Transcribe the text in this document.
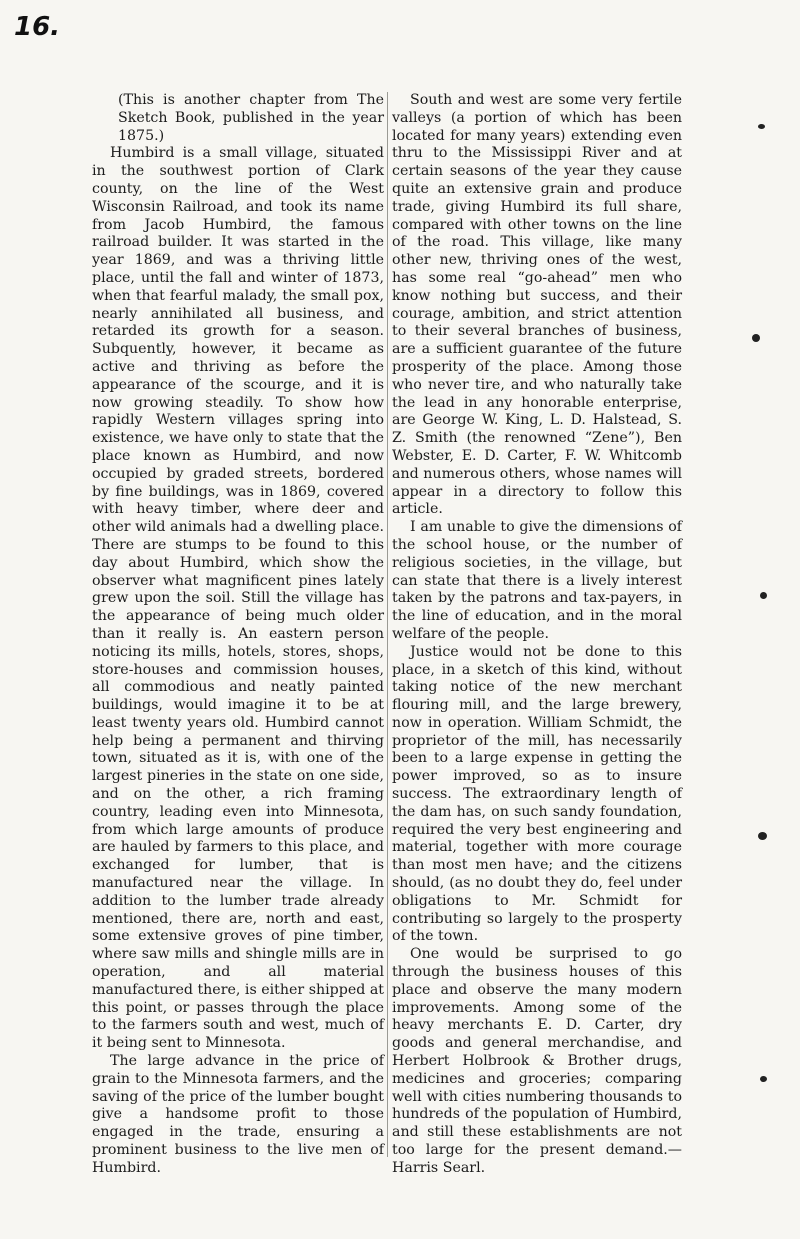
16.

(This is another chapter from The Sketch Book, published in the year 1875.)

Humbird is a small village, situated in the southwest portion of Clark county, on the line of the West Wisconsin Railroad, and took its name from Jacob Humbird, the famous railroad builder. It was started in the year 1869, and was a thriving little place, until the fall and winter of 1873, when that fearful malady, the small pox, nearly annihilated all business, and retarded its growth for a season. Subquently, however, it became as active and thriving as before the appearance of the scourge, and it is now growing steadily. To show how rapidly Western villages spring into existence, we have only to state that the place known as Humbird, and now occupied by graded streets, bordered by fine buildings, was in 1869, covered with heavy timber, where deer and other wild animals had a dwelling place. There are stumps to be found to this day about Humbird, which show the observer what magnificent pines lately grew upon the soil. Still the village has the appearance of being much older than it really is. An eastern person noticing its mills, hotels, stores, shops, store-houses and commission houses, all commodious and neatly painted buildings, would imagine it to be at least twenty years old. Humbird cannot help being a permanent and thirving town, situated as it is, with one of the largest pineries in the state on one side, and on the other, a rich framing country, leading even into Minnesota, from which large amounts of produce are hauled by farmers to this place, and exchanged for lumber, that is manufactured near the village. In addition to the lumber trade already mentioned, there are, north and east, some extensive groves of pine timber, where saw mills and shingle mills are in operation, and all material manufactured there, is either shipped at this point, or passes through the place to the farmers south and west, much of it being sent to Minnesota.

The large advance in the price of grain to the Minnesota farmers, and the saving of the price of the lumber bought give a handsome profit to those engaged in the trade, ensuring a prominent business to the live men of Humbird.

South and west are some very fertile valleys (a portion of which has been located for many years) extending even thru to the Mississippi River and at certain seasons of the year they cause quite an extensive grain and produce trade, giving Humbird its full share, compared with other towns on the line of the road. This village, like many other new, thriving ones of the west, has some real “go-ahead” men who know nothing but success, and their courage, ambition, and strict attention to their several branches of business, are a sufficient guarantee of the future prosperity of the place. Among those who never tire, and who naturally take the lead in any honorable enterprise, are George W. King, L. D. Halstead, S. Z. Smith (the renowned “Zene”), Ben Webster, E. D. Carter, F. W. Whitcomb and numerous others, whose names will appear in a directory to follow this article.

I am unable to give the dimensions of the school house, or the number of religious societies, in the village, but can state that there is a lively interest taken by the patrons and tax-payers, in the line of education, and in the moral welfare of the people.

Justice would not be done to this place, in a sketch of this kind, without taking notice of the new merchant flouring mill, and the large brewery, now in operation. William Schmidt, the proprietor of the mill, has necessarily been to a large expense in getting the power improved, so as to insure success. The extraordinary length of the dam has, on such sandy foundation, required the very best engineering and material, together with more courage than most men have; and the citizens should, (as no doubt they do, feel under obligations to Mr. Schmidt for contributing so largely to the prosperty of the town.

One would be surprised to go through the business houses of this place and observe the many modern improvements. Among some of the heavy merchants E. D. Carter, dry goods and general merchandise, and Herbert Holbrook & Brother drugs, medicines and groceries; comparing well with cities numbering thousands to hundreds of the population of Humbird, and still these establishments are not too large for the present demand.—Harris Searl.
